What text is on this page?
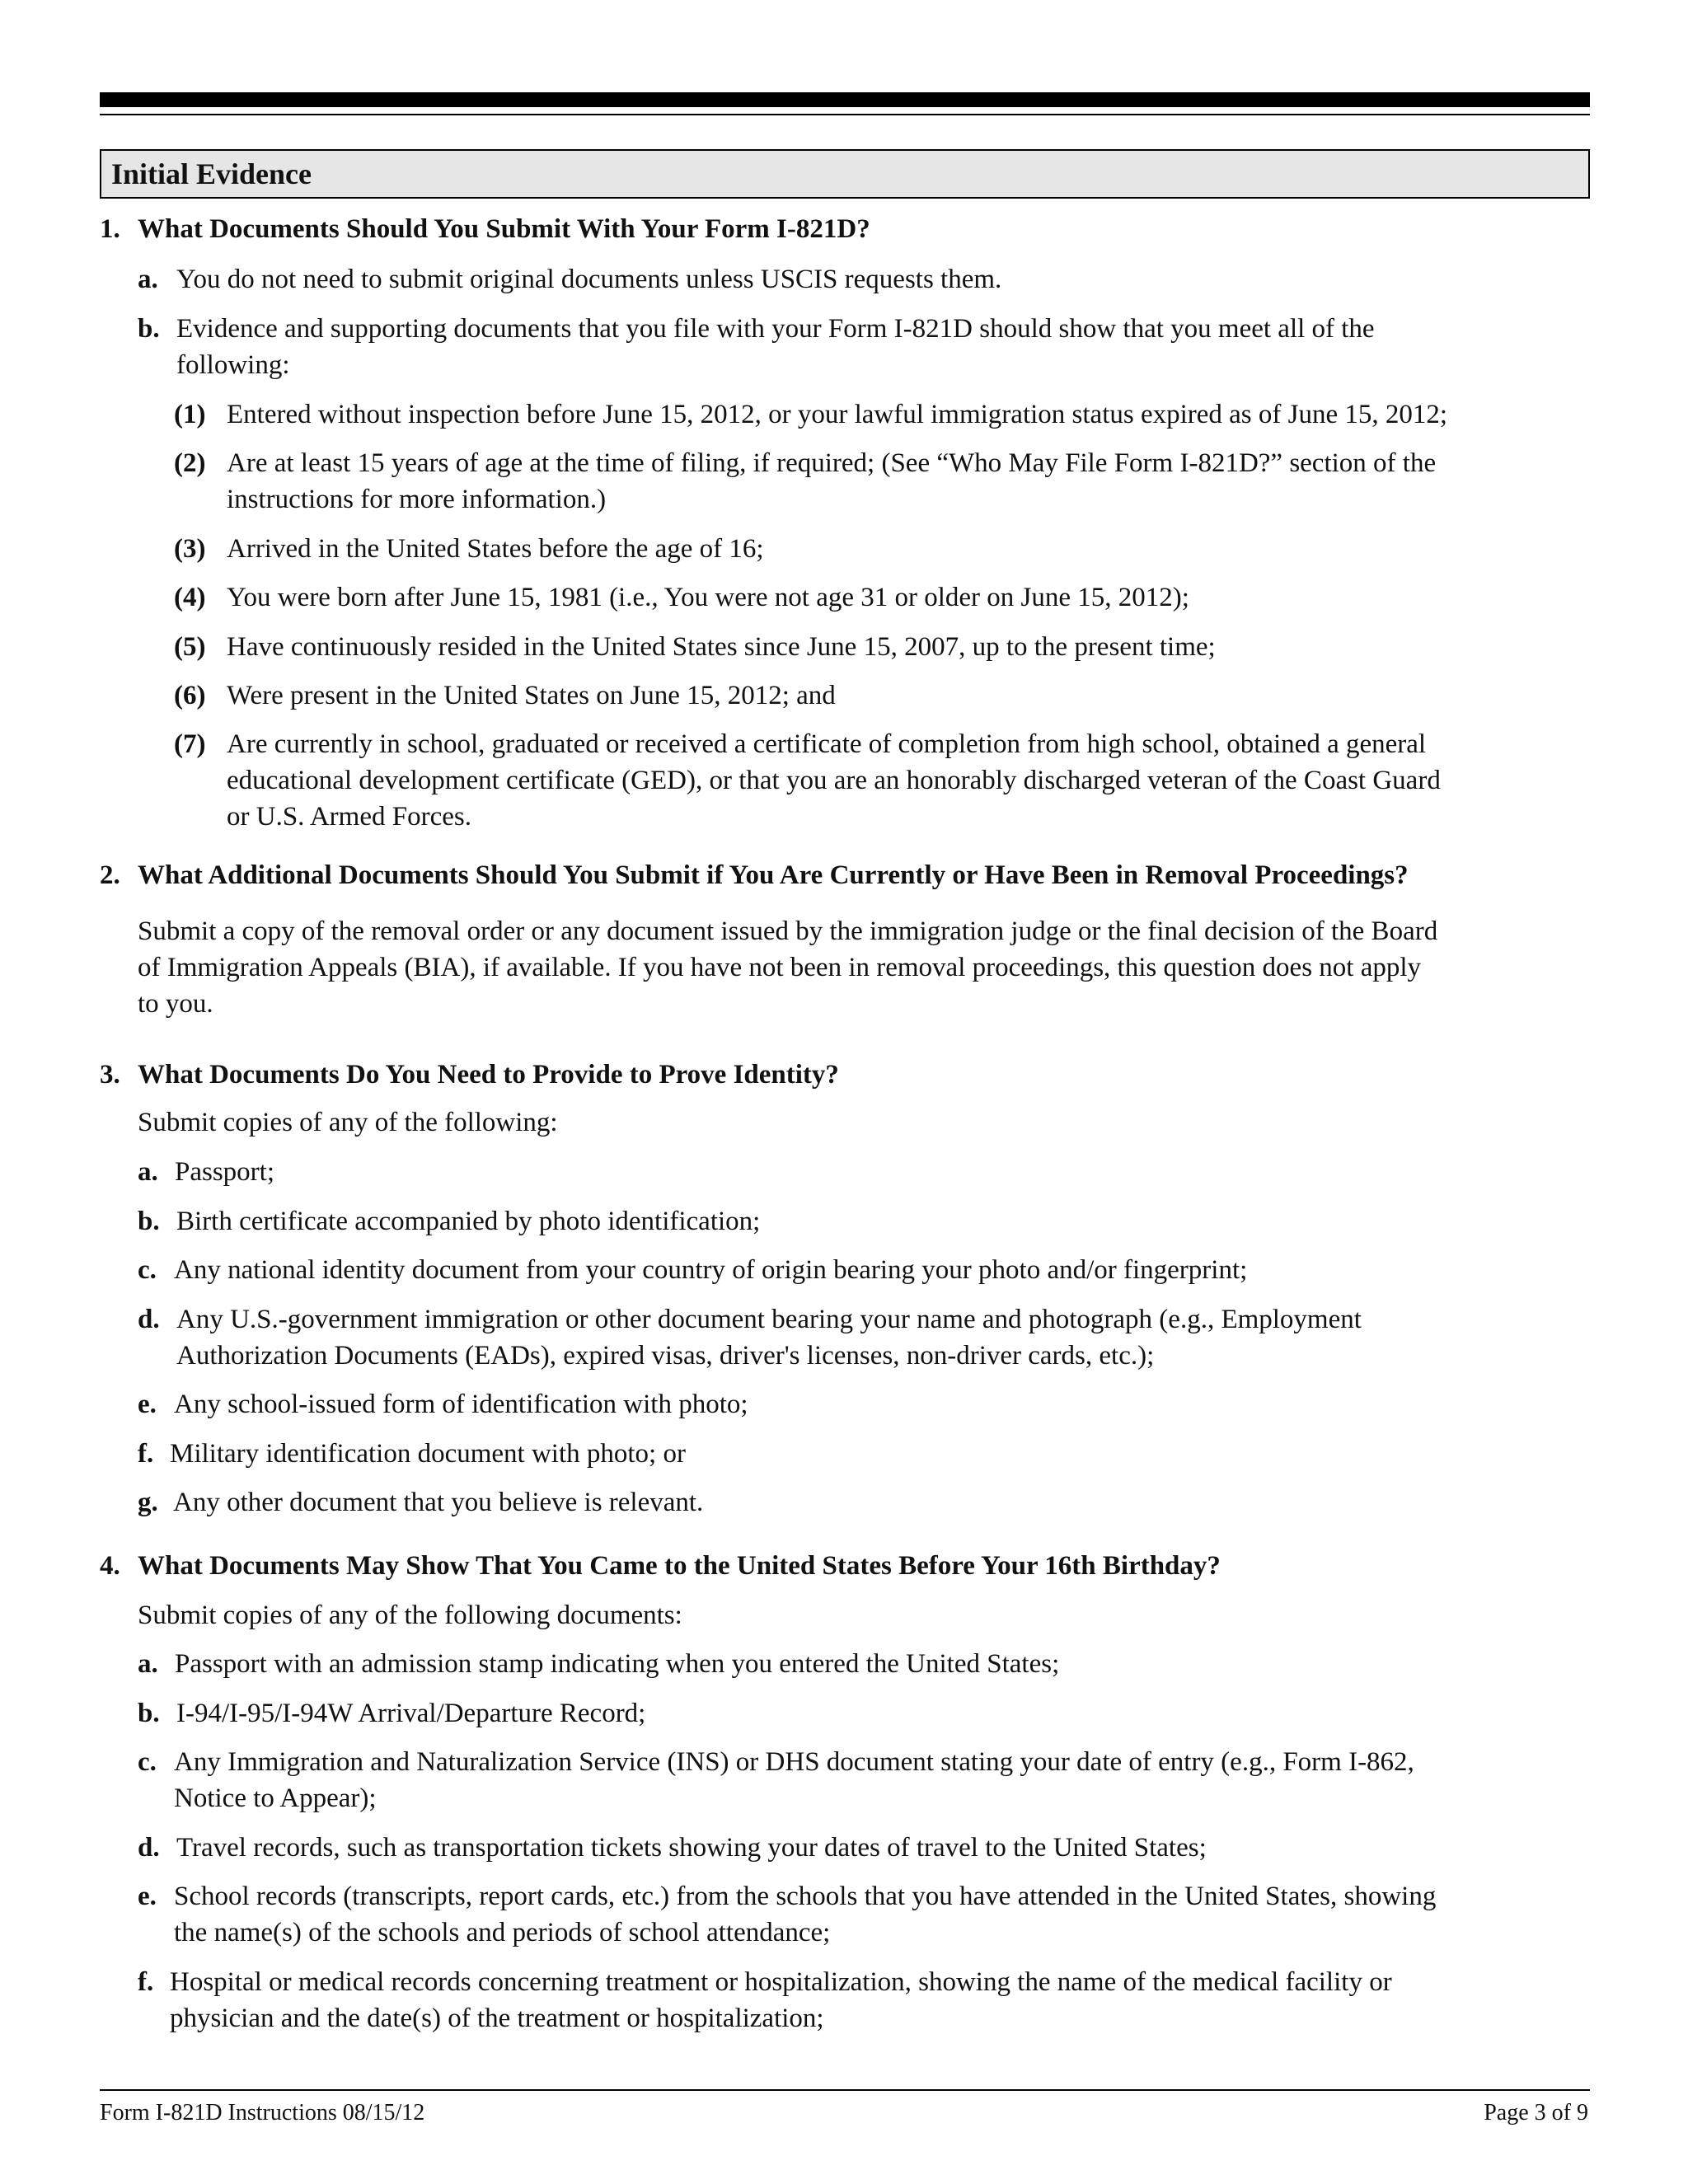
Initial Evidence
1. What Documents Should You Submit With Your Form I-821D?
a. You do not need to submit original documents unless USCIS requests them.
b. Evidence and supporting documents that you file with your Form I-821D should show that you meet all of the
following:
(1) Entered without inspection before June 15, 2012, or your lawful immigration status expired as of June 15, 2012;
(2) Are at least 15 years of age at the time of filing, if required; (See “Who May File Form I-821D?” section of the
instructions for more information.)
(3) Arrived in the United States before the age of 16;
(4) You were born after June 15, 1981 (i.e., You were not age 31 or older on June 15, 2012);
(5) Have continuously resided in the United States since June 15, 2007, up to the present time;
(6) Were present in the United States on June 15, 2012; and
(7) Are currently in school, graduated or received a certificate of completion from high school, obtained a general
educational development certificate (GED), or that you are an honorably discharged veteran of the Coast Guard
or U.S. Armed Forces.
2. What Additional Documents Should You Submit if You Are Currently or Have Been in Removal Proceedings?
Submit a copy of the removal order or any document issued by the immigration judge or the final decision of the Board
of Immigration Appeals (BIA), if available. If you have not been in removal proceedings, this question does not apply
to you.
3. What Documents Do You Need to Provide to Prove Identity?
Submit copies of any of the following:
a. Passport;
b. Birth certificate accompanied by photo identification;
c. Any national identity document from your country of origin bearing your photo and/or fingerprint;
d. Any U.S.-government immigration or other document bearing your name and photograph (e.g., Employment
Authorization Documents (EADs), expired visas, driver's licenses, non-driver cards, etc.);
e. Any school-issued form of identification with photo;
f. Military identification document with photo; or
g. Any other document that you believe is relevant.
4. What Documents May Show That You Came to the United States Before Your 16th Birthday?
Submit copies of any of the following documents:
a. Passport with an admission stamp indicating when you entered the United States;
b. I-94/I-95/I-94W Arrival/Departure Record;
c. Any Immigration and Naturalization Service (INS) or DHS document stating your date of entry (e.g., Form I-862,
Notice to Appear);
d. Travel records, such as transportation tickets showing your dates of travel to the United States;
e. School records (transcripts, report cards, etc.) from the schools that you have attended in the United States, showing
the name(s) of the schools and periods of school attendance;
f. Hospital or medical records concerning treatment or hospitalization, showing the name of the medical facility or
physician and the date(s) of the treatment or hospitalization;
Form I-821D Instructions 08/15/12	Page 3 of 9
